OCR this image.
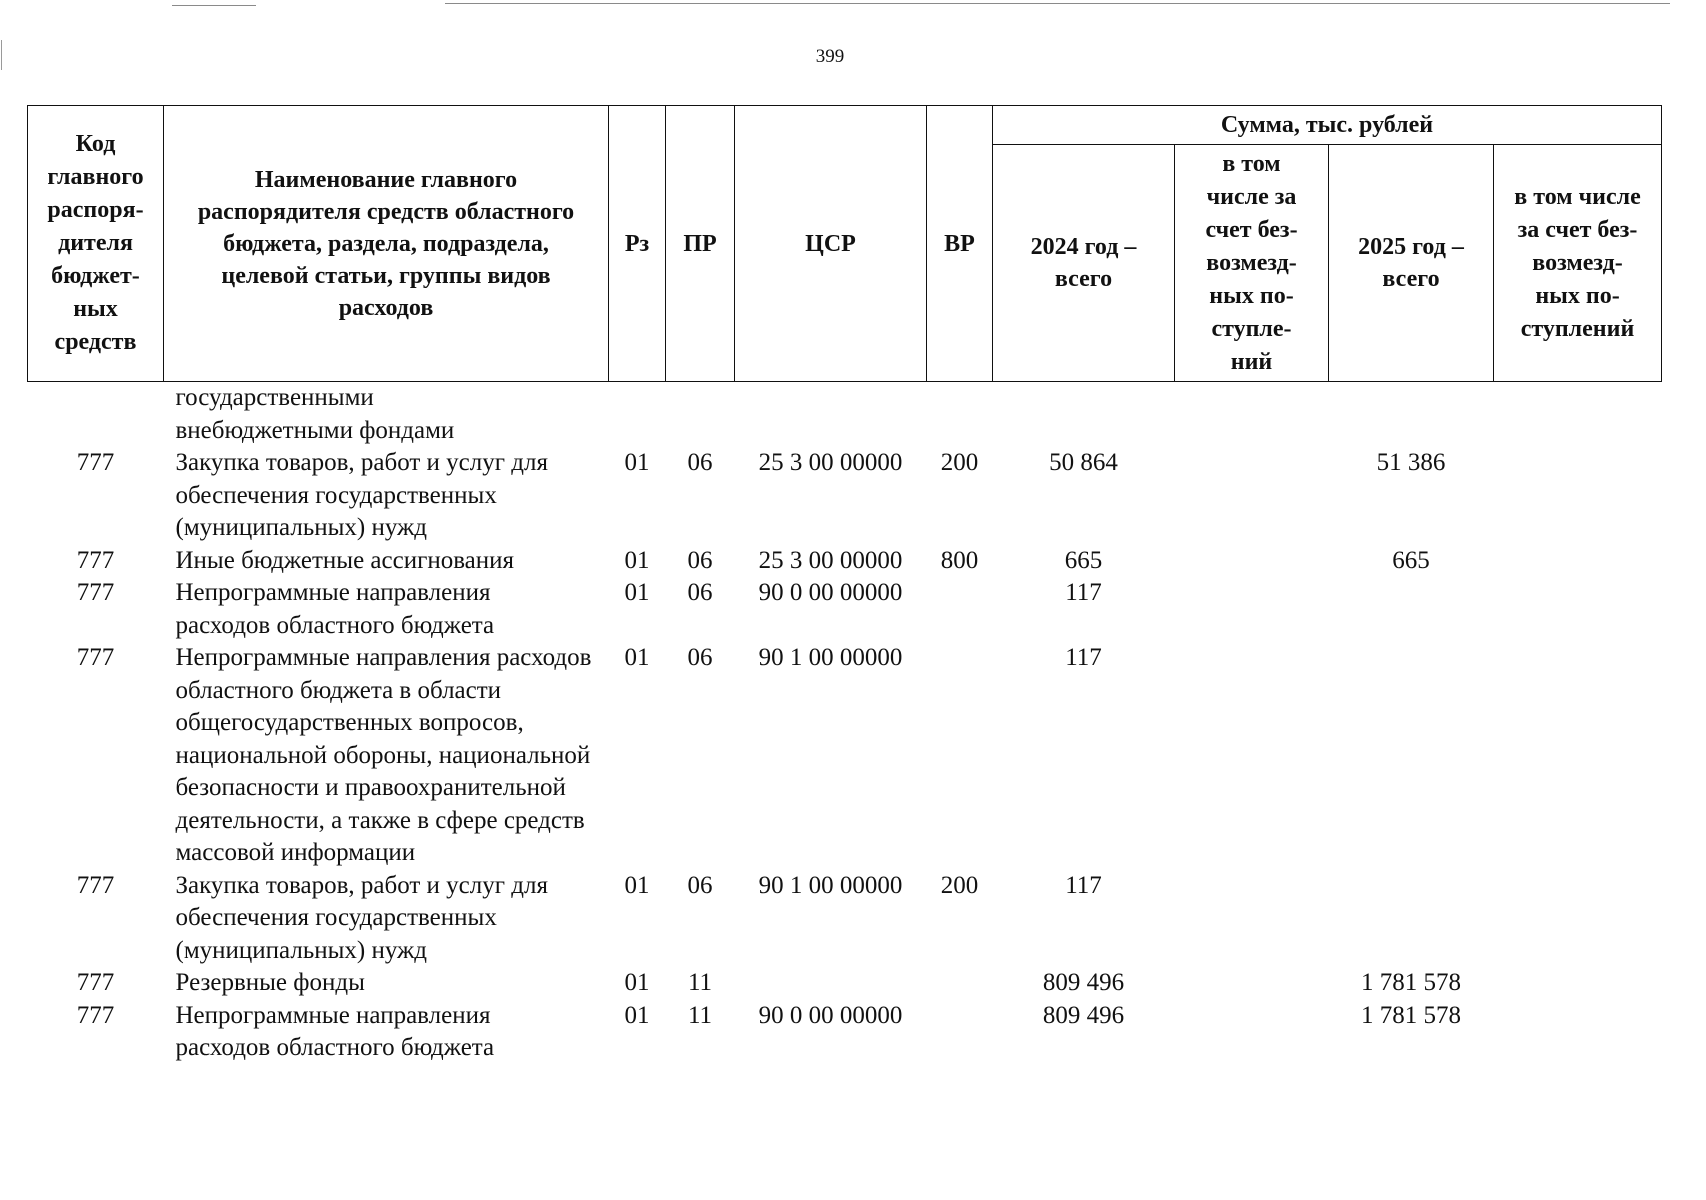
399
Код главного распоря- дителя бюджет- ных средств	Наименование главного распорядителя средств областного бюджета, раздела, подраздела, целевой статьи, группы видов расходов	Рз	ПР	ЦСР	ВР	Сумма, тыс. рублей			
						2024 год – всего	в том числе за счет без- возмезд- ных по- ступле- ний	2025 год – всего	в том числе за счет без- возмезд- ных по- ступлений
	государственными внебюджетными фондами								
777	Закупка товаров, работ и услуг для обеспечения государственных (муниципальных) нужд	01	06	25 3 00 00000	200	50 864		51 386	
777	Иные бюджетные ассигнования	01	06	25 3 00 00000	800	665		665	
777	Непрограммные направления расходов областного бюджета	01	06	90 0 00 00000		117			
777	Непрограммные направления расходов областного бюджета в области общегосударственных вопросов, национальной обороны, национальной безопасности и правоохранительной деятельности, а также в сфере средств массовой информации	01	06	90 1 00 00000		117			
777	Закупка товаров, работ и услуг для обеспечения государственных (муниципальных) нужд	01	06	90 1 00 00000	200	117			
777	Резервные фонды	01	11			809 496		1 781 578	
777	Непрограммные направления расходов областного бюджета	01	11	90 0 00 00000		809 496		1 781 578	
